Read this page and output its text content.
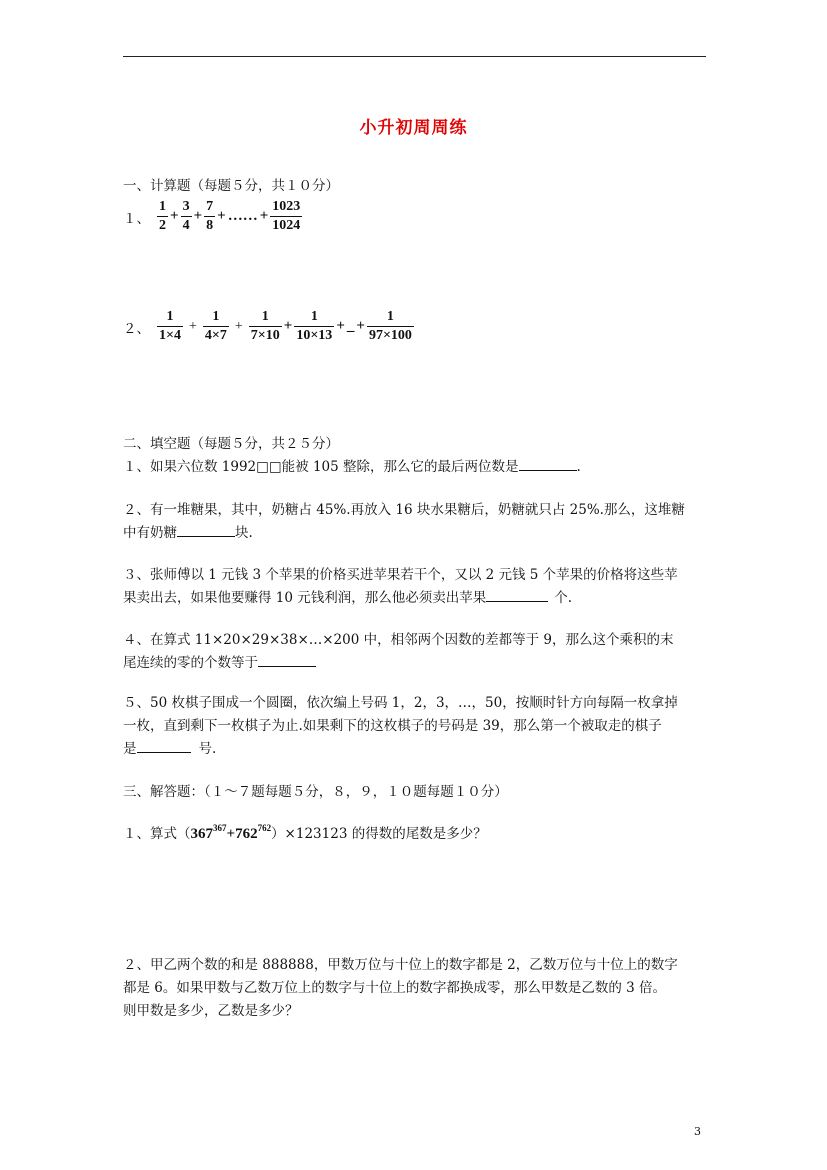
小升初周周练
一、计算题（每题５分，共１０分）
１、 $\frac{1}{2} + \frac{3}{4} + \frac{7}{8}$ + …… + $\frac{1023}{1024}$
２、 $\frac{1}{1\times 4} + \frac{1}{4\times 7} + \frac{1}{7\times 10} + \frac{1}{10\times 13}$ + _ + $\frac{1}{97\times 100}$
二、填空题（每题５分，共２５分）
１、如果六位数 1992□□能被 105 整除，那么它的最后两位数是	.
２、有一堆糖果，其中，奶糖占 45%.再放入 16 块水果糖后，奶糖就只占 25%.那么，这堆糖
中有奶糖	块.
３、张师傅以 1 元钱 3 个苹果的价格买进苹果若干个，又以 2 元钱 5 个苹果的价格将这些苹
果卖出去，如果他要赚得 10 元钱利润，那么他必须卖出苹果	个.
４、在算式 11×20×29×38×…×200 中，相邻两个因数的差都等于 9，那么这个乘积的末
尾连续的零的个数等于
５、50 枚棋子围成一个圆圈，依次编上号码 1，2，3，…，50，按顺时针方向每隔一枚拿掉
一枚，直到剩下一枚棋子为止.如果剩下的这枚棋子的号码是 39，那么第一个被取走的棋子
是	号.
三、解答题：（１～７题每题５分，８，９，１０题每题１０分）
１、算式$(367^{367}+762^{762})\times 123123$ 的得数的尾数是多少？
２、甲乙两个数的和是 888888，甲数万位与十位上的数字都是 2，乙数万位与十位上的数字
都是 6。如果甲数与乙数万位上的数字与十位上的数字都换成零，那么甲数是乙数的 3 倍。
则甲数是多少，乙数是多少？
3
